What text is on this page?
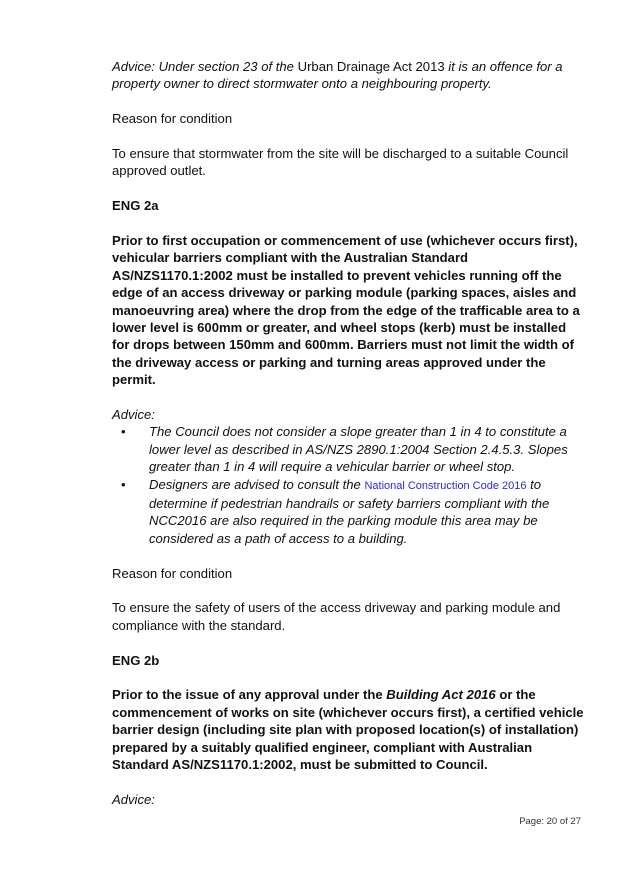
Advice: Under section 23 of the Urban Drainage Act 2013 it is an offence for a property owner to direct stormwater onto a neighbouring property.

Reason for condition

To ensure that stormwater from the site will be discharged to a suitable Council approved outlet.

ENG 2a

Prior to first occupation or commencement of use (whichever occurs first), vehicular barriers compliant with the Australian Standard AS/NZS1170.1:2002 must be installed to prevent vehicles running off the edge of an access driveway or parking module (parking spaces, aisles and manoeuvring area) where the drop from the edge of the trafficable area to a lower level is 600mm or greater, and wheel stops (kerb) must be installed for drops between 150mm and 600mm. Barriers must not limit the width of the driveway access or parking and turning areas approved under the permit.

Advice:

• The Council does not consider a slope greater than 1 in 4 to constitute a lower level as described in AS/NZS 2890.1:2004 Section 2.4.5.3. Slopes greater than 1 in 4 will require a vehicular barrier or wheel stop.
• Designers are advised to consult the National Construction Code 2016 to determine if pedestrian handrails or safety barriers compliant with the NCC2016 are also required in the parking module this area may be considered as a path of access to a building.

Reason for condition

To ensure the safety of users of the access driveway and parking module and compliance with the standard.

ENG 2b

Prior to the issue of any approval under the Building Act 2016 or the commencement of works on site (whichever occurs first), a certified vehicle barrier design (including site plan with proposed location(s) of installation) prepared by a suitably qualified engineer, compliant with Australian Standard AS/NZS1170.1:2002, must be submitted to Council.

Advice:

Page: 20 of 27
